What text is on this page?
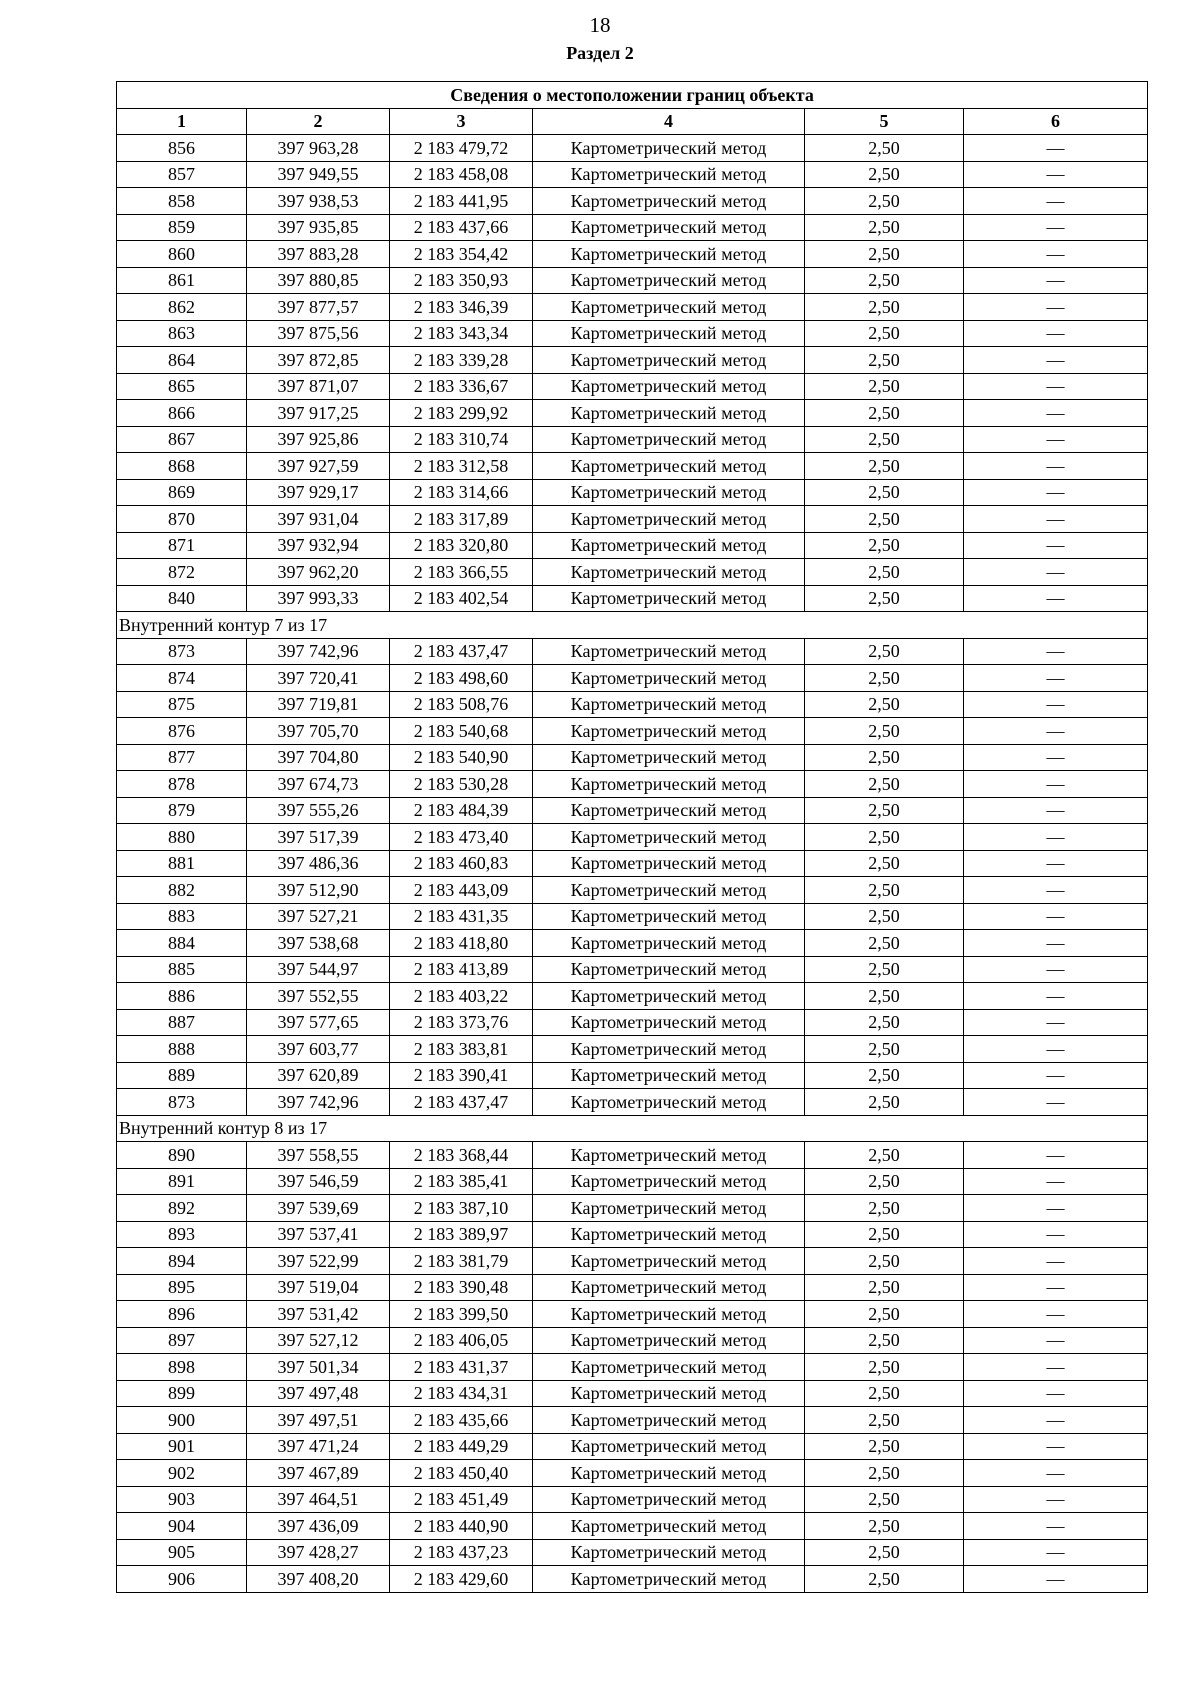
18
Раздел 2
Сведения о местоположении границ объекта					
1	2	3	4	5	6
856	397 963,28	2 183 479,72	Картометрический метод	2,50	—
857	397 949,55	2 183 458,08	Картометрический метод	2,50	—
858	397 938,53	2 183 441,95	Картометрический метод	2,50	—
859	397 935,85	2 183 437,66	Картометрический метод	2,50	—
860	397 883,28	2 183 354,42	Картометрический метод	2,50	—
861	397 880,85	2 183 350,93	Картометрический метод	2,50	—
862	397 877,57	2 183 346,39	Картометрический метод	2,50	—
863	397 875,56	2 183 343,34	Картометрический метод	2,50	—
864	397 872,85	2 183 339,28	Картометрический метод	2,50	—
865	397 871,07	2 183 336,67	Картометрический метод	2,50	—
866	397 917,25	2 183 299,92	Картометрический метод	2,50	—
867	397 925,86	2 183 310,74	Картометрический метод	2,50	—
868	397 927,59	2 183 312,58	Картометрический метод	2,50	—
869	397 929,17	2 183 314,66	Картометрический метод	2,50	—
870	397 931,04	2 183 317,89	Картометрический метод	2,50	—
871	397 932,94	2 183 320,80	Картометрический метод	2,50	—
872	397 962,20	2 183 366,55	Картометрический метод	2,50	—
840	397 993,33	2 183 402,54	Картометрический метод	2,50	—
Внутренний контур 7 из 17					
873	397 742,96	2 183 437,47	Картометрический метод	2,50	—
874	397 720,41	2 183 498,60	Картометрический метод	2,50	—
875	397 719,81	2 183 508,76	Картометрический метод	2,50	—
876	397 705,70	2 183 540,68	Картометрический метод	2,50	—
877	397 704,80	2 183 540,90	Картометрический метод	2,50	—
878	397 674,73	2 183 530,28	Картометрический метод	2,50	—
879	397 555,26	2 183 484,39	Картометрический метод	2,50	—
880	397 517,39	2 183 473,40	Картометрический метод	2,50	—
881	397 486,36	2 183 460,83	Картометрический метод	2,50	—
882	397 512,90	2 183 443,09	Картометрический метод	2,50	—
883	397 527,21	2 183 431,35	Картометрический метод	2,50	—
884	397 538,68	2 183 418,80	Картометрический метод	2,50	—
885	397 544,97	2 183 413,89	Картометрический метод	2,50	—
886	397 552,55	2 183 403,22	Картометрический метод	2,50	—
887	397 577,65	2 183 373,76	Картометрический метод	2,50	—
888	397 603,77	2 183 383,81	Картометрический метод	2,50	—
889	397 620,89	2 183 390,41	Картометрический метод	2,50	—
873	397 742,96	2 183 437,47	Картометрический метод	2,50	—
Внутренний контур 8 из 17					
890	397 558,55	2 183 368,44	Картометрический метод	2,50	—
891	397 546,59	2 183 385,41	Картометрический метод	2,50	—
892	397 539,69	2 183 387,10	Картометрический метод	2,50	—
893	397 537,41	2 183 389,97	Картометрический метод	2,50	—
894	397 522,99	2 183 381,79	Картометрический метод	2,50	—
895	397 519,04	2 183 390,48	Картометрический метод	2,50	—
896	397 531,42	2 183 399,50	Картометрический метод	2,50	—
897	397 527,12	2 183 406,05	Картометрический метод	2,50	—
898	397 501,34	2 183 431,37	Картометрический метод	2,50	—
899	397 497,48	2 183 434,31	Картометрический метод	2,50	—
900	397 497,51	2 183 435,66	Картометрический метод	2,50	—
901	397 471,24	2 183 449,29	Картометрический метод	2,50	—
902	397 467,89	2 183 450,40	Картометрический метод	2,50	—
903	397 464,51	2 183 451,49	Картометрический метод	2,50	—
904	397 436,09	2 183 440,90	Картометрический метод	2,50	—
905	397 428,27	2 183 437,23	Картометрический метод	2,50	—
906	397 408,20	2 183 429,60	Картометрический метод	2,50	—
